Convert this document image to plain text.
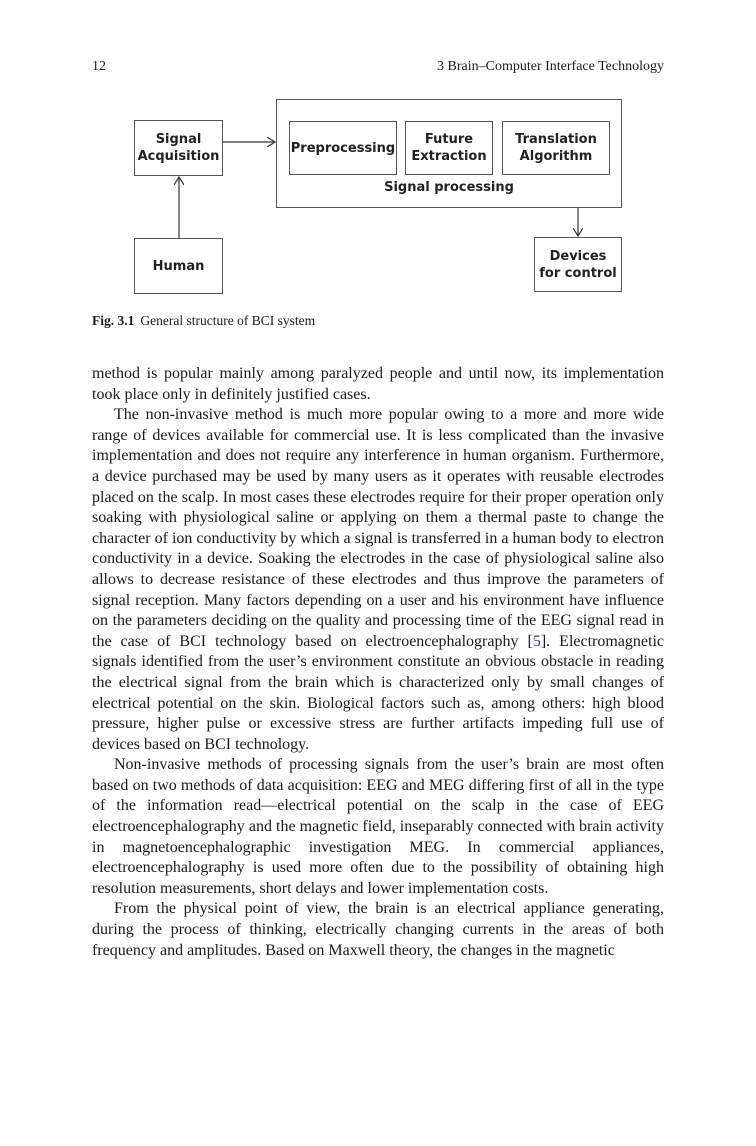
12	3 Brain–Computer Interface Technology
Signal
Acquisition
Preprocessing
Future
Extraction
Translation
Algorithm
Signal processing
Human
Devices
for control
Fig. 3.1 General structure of BCI system

method is popular mainly among paralyzed people and until now, its implementation took place only in definitely justified cases.

The non-invasive method is much more popular owing to a more and more wide range of devices available for commercial use. It is less complicated than the invasive implementation and does not require any interference in human organism. Furthermore, a device purchased may be used by many users as it operates with reusable electrodes placed on the scalp. In most cases these electrodes require for their proper operation only soaking with physiological saline or applying on them a thermal paste to change the character of ion conductivity by which a signal is transferred in a human body to electron conductivity in a device. Soaking the electrodes in the case of physiological saline also allows to decrease resistance of these electrodes and thus improve the parameters of signal reception. Many factors depending on a user and his environment have influence on the parameters deciding on the quality and processing time of the EEG signal read in the case of BCI technology based on electroencephalography [5]. Electromagnetic signals identified from the user’s environment constitute an obvious obstacle in reading the electrical signal from the brain which is characterized only by small changes of electrical potential on the skin. Biological factors such as, among others: high blood pressure, higher pulse or excessive stress are further artifacts impeding full use of devices based on BCI technology.

Non-invasive methods of processing signals from the user’s brain are most often based on two methods of data acquisition: EEG and MEG differing first of all in the type of the information read—electrical potential on the scalp in the case of EEG electroencephalography and the magnetic field, inseparably connected with brain activity in magnetoencephalographic investigation MEG. In commercial appliances, electroencephalography is used more often due to the possibility of obtaining high resolution measurements, short delays and lower implementation costs.

From the physical point of view, the brain is an electrical appliance generating, during the process of thinking, electrically changing currents in the areas of both frequency and amplitudes. Based on Maxwell theory, the changes in the magnetic
